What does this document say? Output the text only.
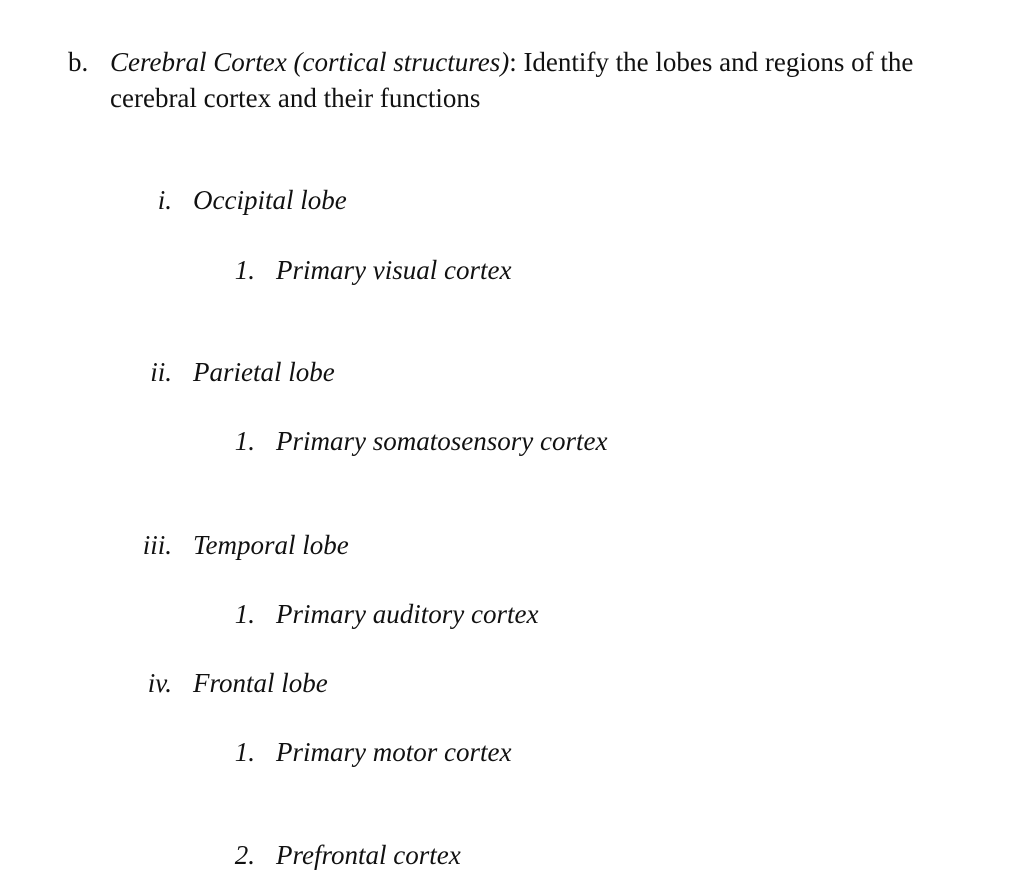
b. Cerebral Cortex (cortical structures): Identify the lobes and regions of the
cerebral cortex and their functions
i. Occipital lobe
1. Primary visual cortex
ii. Parietal lobe
1. Primary somatosensory cortex
iii. Temporal lobe
1. Primary auditory cortex
iv. Frontal lobe
1. Primary motor cortex
2. Prefrontal cortex
